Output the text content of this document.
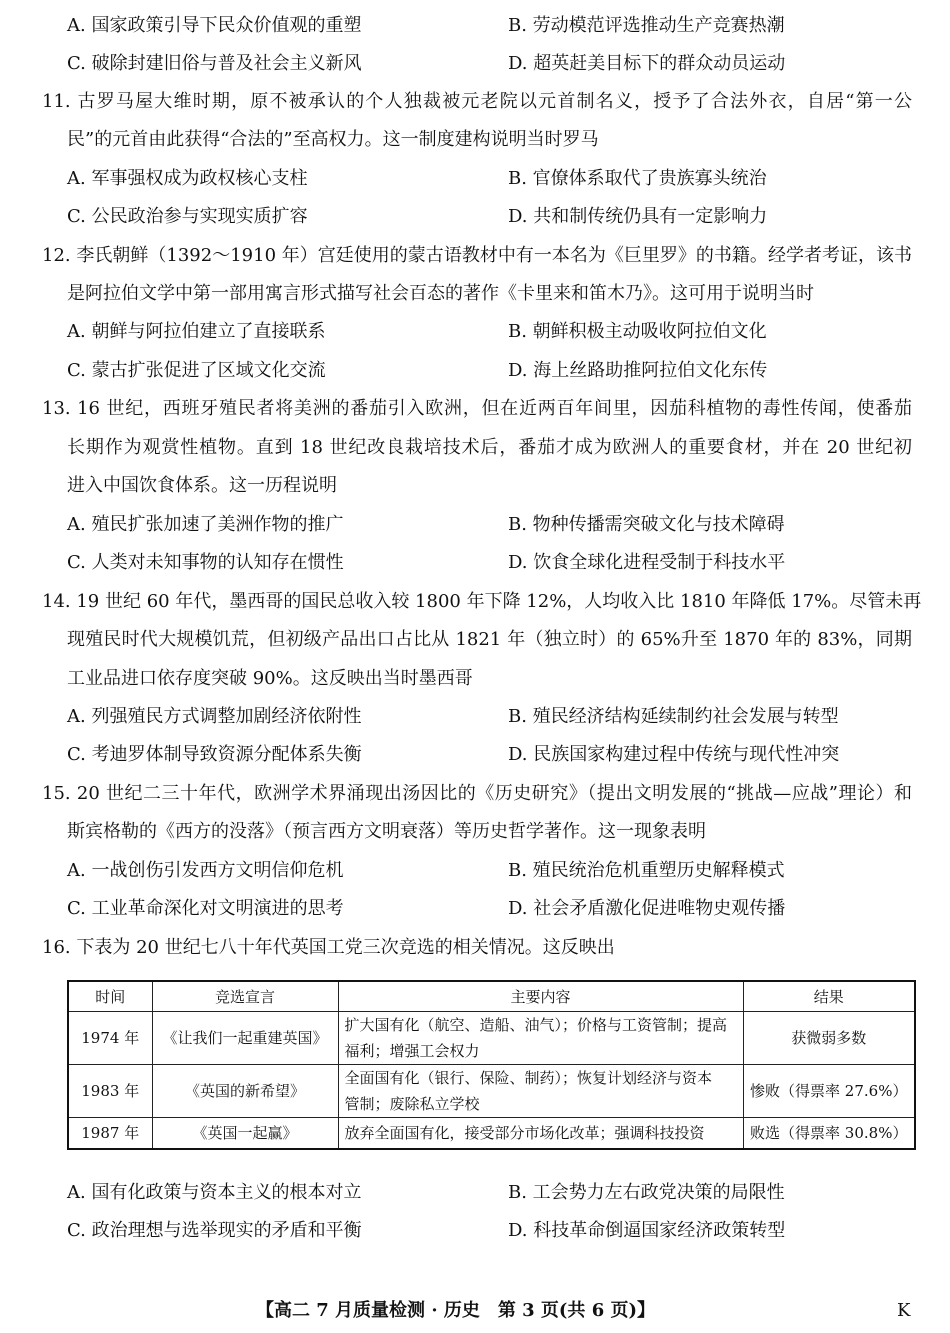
A. 国家政策引导下民众价值观的重塑	B. 劳动模范评选推动生产竞赛热潮
C. 破除封建旧俗与普及社会主义新风	D. 超英赶美目标下的群众动员运动
11. 古罗马屋大维时期，原不被承认的个人独裁被元老院以元首制名义，授予了合法外衣，自居“第一公
民”的元首由此获得“合法的”至高权力。这一制度建构说明当时罗马
A. 军事强权成为政权核心支柱	B. 官僚体系取代了贵族寡头统治
C. 公民政治参与实现实质扩容	D. 共和制传统仍具有一定影响力
12. 李氏朝鲜（1392～1910 年）宫廷使用的蒙古语教材中有一本名为《巨里罗》的书籍。经学者考证，该书
是阿拉伯文学中第一部用寓言形式描写社会百态的著作《卡里来和笛木乃》。这可用于说明当时
A. 朝鲜与阿拉伯建立了直接联系	B. 朝鲜积极主动吸收阿拉伯文化
C. 蒙古扩张促进了区域文化交流	D. 海上丝路助推阿拉伯文化东传
13. 16 世纪，西班牙殖民者将美洲的番茄引入欧洲，但在近两百年间里，因茄科植物的毒性传闻，使番茄
长期作为观赏性植物。直到 18 世纪改良栽培技术后，番茄才成为欧洲人的重要食材，并在 20 世纪初
进入中国饮食体系。这一历程说明
A. 殖民扩张加速了美洲作物的推广	B. 物种传播需突破文化与技术障碍
C. 人类对未知事物的认知存在惯性	D. 饮食全球化进程受制于科技水平
14. 19 世纪 60 年代，墨西哥的国民总收入较 1800 年下降 12%，人均收入比 1810 年降低 17%。尽管未再
现殖民时代大规模饥荒，但初级产品出口占比从 1821 年（独立时）的 65%升至 1870 年的 83%，同期
工业品进口依存度突破 90%。这反映出当时墨西哥
A. 列强殖民方式调整加剧经济依附性	B. 殖民经济结构延续制约社会发展与转型
C. 考迪罗体制导致资源分配体系失衡	D. 民族国家构建过程中传统与现代性冲突
15. 20 世纪二三十年代，欧洲学术界涌现出汤因比的《历史研究》（提出文明发展的“挑战—应战”理论）和
斯宾格勒的《西方的没落》（预言西方文明衰落）等历史哲学著作。这一现象表明
A. 一战创伤引发西方文明信仰危机	B. 殖民统治危机重塑历史解释模式
C. 工业革命深化对文明演进的思考	D. 社会矛盾激化促进唯物史观传播
16. 下表为 20 世纪七八十年代英国工党三次竞选的相关情况。这反映出
时间	竞选宣言	主要内容	结果
1974 年	《让我们一起重建英国》	扩大国有化（航空、造船、油气）；价格与工资管制；提高
福利；增强工会权力	获微弱多数
1983 年	《英国的新希望》	全面国有化（银行、保险、制药）；恢复计划经济与资本
管制；废除私立学校	惨败（得票率 27.6%）
1987 年	《英国一起赢》	放弃全面国有化，接受部分市场化改革；强调科技投资	败选（得票率 30.8%）
A. 国有化政策与资本主义的根本对立	B. 工会势力左右政党决策的局限性
C. 政治理想与选举现实的矛盾和平衡	D. 科技革命倒逼国家经济政策转型
【高二 7 月质量检测 · 历史　第 3 页(共 6 页)】	K
